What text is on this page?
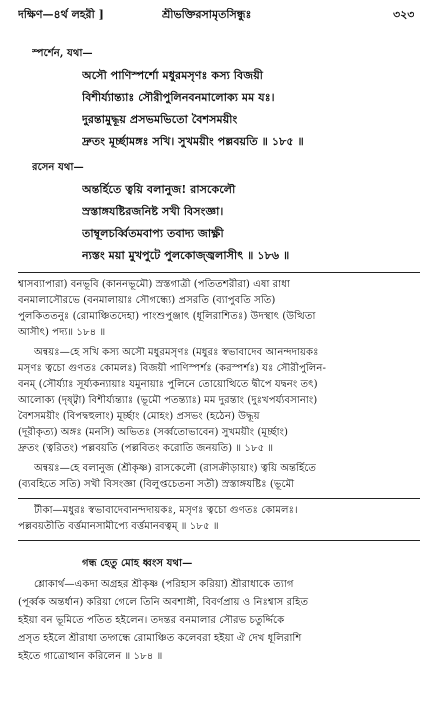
দক্ষিণ—৪র্থ লহরী ]	শ্রীভক্তিরসামৃতসিন্ধুঃ	৩২৩
স্পর্শেন, যথা—
অসৌ পাণিস্পর্শো মধুরমসৃণঃ কস্য বিজয়ী
বিশীর্য্যান্ত্যাঃ সৌরীপুলিনবনমালোক্য মম যঃ।
দুরন্তামুদ্ধূয় প্রসভমভিতো বৈশসময়ীং
দ্রুতং মূর্চ্ছামঙ্গঃ সখি। সুখময়ীং পল্লবয়তি ॥ ১৮৫ ॥
রসেন যথা—
অন্তর্হিতে ত্বয়ি বলানুজ! রাসকেলৌ
স্রস্তাঙ্গযষ্টিরজনিষ্ট সখী বিসংজ্ঞা।
তাম্বূলচর্ব্বিতমবাপ্য তবাদ্য জাক্ষ্ণী
ন্যস্তং ময়া মুখপুটে পুলকোজ্জ্বলাসীৎ ॥ ১৮৬ ॥
শ্বাসব্যাপারা) বনভূবি (কাননভূমৌ) স্রস্তগাত্রী (পতিতশরীরা) এষা রাধা
বনমালাসৌরভে (বনমালায়াঃ সৌগন্ধ্যে) প্রসরতি (ব্যাপুবতি সতি)
পুলকিততনুঃ (রোমাঞ্চিতদেহা) পাংশুপুঞ্জাৎ (ধূলিরাশিতঃ) উদস্থাৎ (উত্থিতা
আসীৎ) পদ্য॥ ১৮৪ ॥
অন্বয়ঃ—হে সখি কস্য অসৌ মধুরমসৃণঃ (মধুরঃ স্বভাবাদেব আনন্দদায়কঃ
মসৃণঃ ত্বচো গুণতঃ কোমলঃ) বিজয়ী পাণিস্পর্শঃ (করস্পর্শঃ) যঃ সৌরীপুলিন-
বনম্ (সৌর্য্যাঃ সূর্য্যকন্যায়াঃ যমুনায়াঃ পুলিনে তোয়োত্থিতে দ্বীপে যদ্বনং তৎ)
আলোক্য (দৃষ্ট্বা) বিশীর্য্যন্ত্যাঃ (ভূমৌ পতন্ত্যাঃ) মম দুরন্তাং (দুঃখপর্য্যবসানাং)
বৈশসময়ীং (বিপদ্বহুলাং) মূর্চ্ছাং (মোহং) প্রসভং (হঠেন) উদ্ধূয়
(দূরীকৃত্য) অঙ্গঃ (মনসি) অভিতঃ (সর্ব্বতোভাবেন) সুখময়ীং (মূর্চ্ছাং)
দ্রুতং (ত্বরিতং) পল্লবয়তি (পল্লবিতং করোতি জনয়তি) ॥ ১৮৫ ॥
অন্বয়ঃ—হে বলানুজ (শ্রীকৃষ্ণ) রাসকেলৌ (রাসক্রীড়ায়াং) ত্বয়ি অন্তর্হিতে
(ব্যবহিতে সতি) সখী বিসংজ্ঞা (বিলুপ্তচেতনা সতী) স্রস্তাঙ্গযষ্টিঃ (ভূমৌ
টীকা—মধুরঃ স্বভাবাদেবানন্দদায়কঃ, মসৃণঃ ত্বচো গুণতঃ কোমলঃ।
পল্লবয়তীতি বর্ত্তমানসামীপ্যে বর্ত্তমানবত্বম্ ॥ ১৮৫ ॥
গন্ধ হেতু মোহ ধ্বংস যথা—
শ্লোকার্থ—একদা অগ্রহর শ্রীকৃষ্ণ (পরিহাস করিয়া) শ্রীরাধাকে ত্যাগ
(পূর্ব্বক অন্তর্ধান) করিয়া গেলে তিনি অবশাঙ্গী, বিবর্ণপ্রায় ও নিঃশ্বাস রহিত
হইয়া বন ভূমিতে পতিত হইলেন। তদন্তর বনমালার সৌরভ চতুর্দ্দিকে
প্রসৃত হইলে শ্রীরাধা তদ্গন্ধে রোমাঞ্চিত কলেবরা হইয়া ঐ দেখ ধূলিরাশি
হইতে গাত্রোত্থান করিলেন ॥ ১৮৪ ॥
